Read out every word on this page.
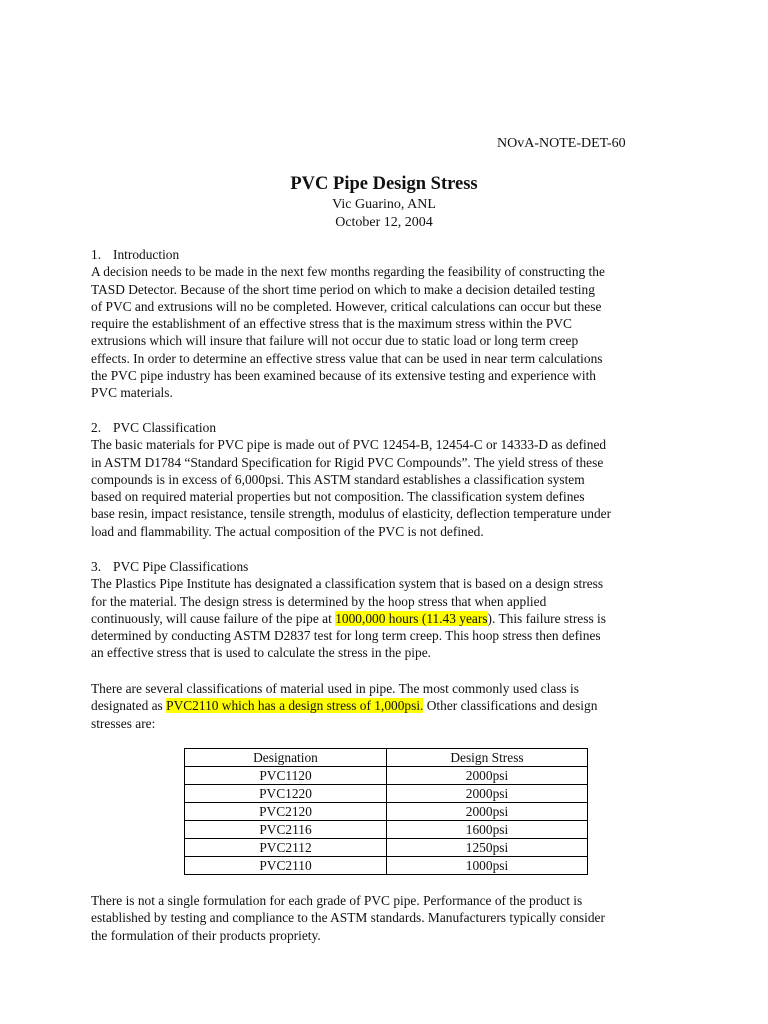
NOvA-NOTE-DET-60
PVC Pipe Design Stress
Vic Guarino, ANL
October 12, 2004
1. Introduction
A decision needs to be made in the next few months regarding the feasibility of constructing the
TASD Detector. Because of the short time period on which to make a decision detailed testing
of PVC and extrusions will no be completed. However, critical calculations can occur but these
require the establishment of an effective stress that is the maximum stress within the PVC
extrusions which will insure that failure will not occur due to static load or long term creep
effects. In order to determine an effective stress value that can be used in near term calculations
the PVC pipe industry has been examined because of its extensive testing and experience with
PVC materials.
2. PVC Classification
The basic materials for PVC pipe is made out of PVC 12454-B, 12454-C or 14333-D as defined
in ASTM D1784 “Standard Specification for Rigid PVC Compounds”. The yield stress of these
compounds is in excess of 6,000psi. This ASTM standard establishes a classification system
based on required material properties but not composition. The classification system defines
base resin, impact resistance, tensile strength, modulus of elasticity, deflection temperature under
load and flammability. The actual composition of the PVC is not defined.
3. PVC Pipe Classifications
The Plastics Pipe Institute has designated a classification system that is based on a design stress
for the material. The design stress is determined by the hoop stress that when applied
continuously, will cause failure of the pipe at 1000,000 hours (11.43 years). This failure stress is
determined by conducting ASTM D2837 test for long term creep. This hoop stress then defines
an effective stress that is used to calculate the stress in the pipe.
There are several classifications of material used in pipe. The most commonly used class is
designated as PVC2110 which has a design stress of 1,000psi. Other classifications and design
stresses are:
Designation	Design Stress
PVC1120	2000psi
PVC1220	2000psi
PVC2120	2000psi
PVC2116	1600psi
PVC2112	1250psi
PVC2110	1000psi
There is not a single formulation for each grade of PVC pipe. Performance of the product is
established by testing and compliance to the ASTM standards. Manufacturers typically consider
the formulation of their products propriety.
